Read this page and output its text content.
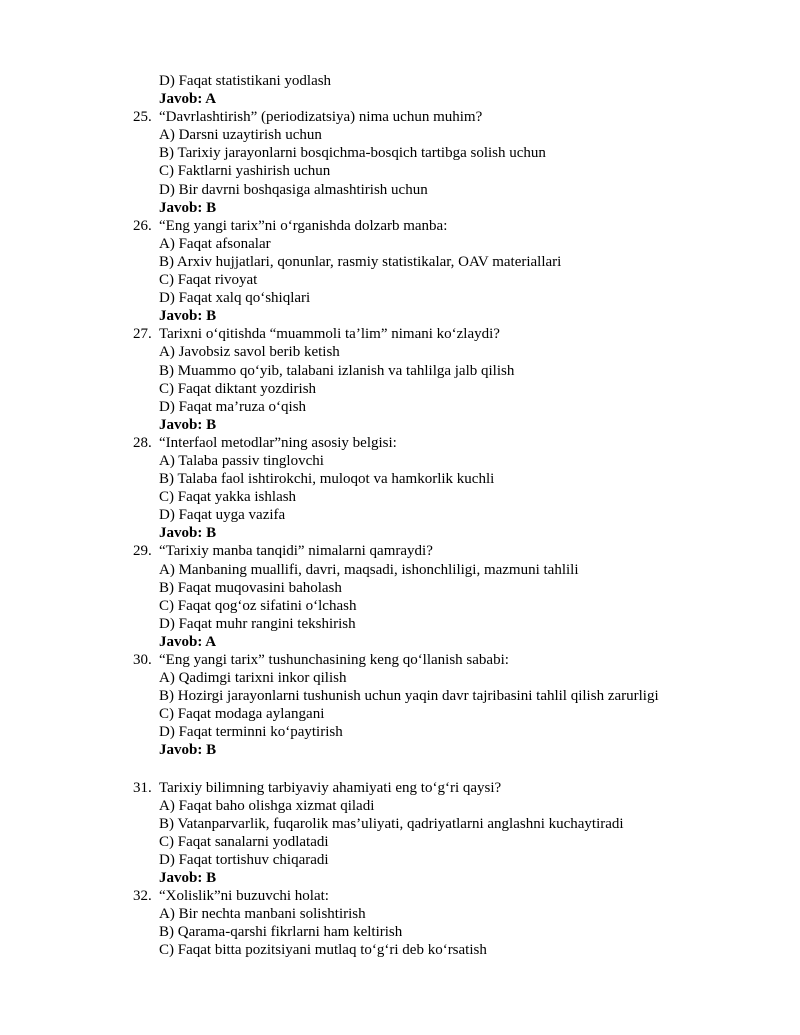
D) Faqat statistikani yodlash
Javob: A
25. “Davrlashtirish” (periodizatsiya) nima uchun muhim?
A) Darsni uzaytirish uchun
B) Tarixiy jarayonlarni bosqichma-bosqich tartibga solish uchun
C) Faktlarni yashirish uchun
D) Bir davrni boshqasiga almashtirish uchun
Javob: B
26. “Eng yangi tarix”ni o‘rganishda dolzarb manba:
A) Faqat afsonalar
B) Arxiv hujjatlari, qonunlar, rasmiy statistikalar, OAV materiallari
C) Faqat rivoyat
D) Faqat xalq qo‘shiqlari
Javob: B
27. Tarixni o‘qitishda “muammoli ta’lim” nimani ko‘zlaydi?
A) Javobsiz savol berib ketish
B) Muammo qo‘yib, talabani izlanish va tahlilga jalb qilish
C) Faqat diktant yozdirish
D) Faqat ma’ruza o‘qish
Javob: B
28. “Interfaol metodlar”ning asosiy belgisi:
A) Talaba passiv tinglovchi
B) Talaba faol ishtirokchi, muloqot va hamkorlik kuchli
C) Faqat yakka ishlash
D) Faqat uyga vazifa
Javob: B
29. “Tarixiy manba tanqidi” nimalarni qamraydi?
A) Manbaning muallifi, davri, maqsadi, ishonchliligi, mazmuni tahlili
B) Faqat muqovasini baholash
C) Faqat qog‘oz sifatini o‘lchash
D) Faqat muhr rangini tekshirish
Javob: A
30. “Eng yangi tarix” tushunchasining keng qo‘llanish sababi:
A) Qadimgi tarixni inkor qilish
B) Hozirgi jarayonlarni tushunish uchun yaqin davr tajribasini tahlil qilish zarurligi
C) Faqat modaga aylangani
D) Faqat terminni ko‘paytirish
Javob: B
31. Tarixiy bilimning tarbiyaviy ahamiyati eng to‘g‘ri qaysi?
A) Faqat baho olishga xizmat qiladi
B) Vatanparvarlik, fuqarolik mas’uliyati, qadriyatlarni anglashni kuchaytiradi
C) Faqat sanalarni yodlatadi
D) Faqat tortishuv chiqaradi
Javob: B
32. “Xolislik”ni buzuvchi holat:
A) Bir nechta manbani solishtirish
B) Qarama-qarshi fikrlarni ham keltirish
C) Faqat bitta pozitsiyani mutlaq to‘g‘ri deb ko‘rsatish
